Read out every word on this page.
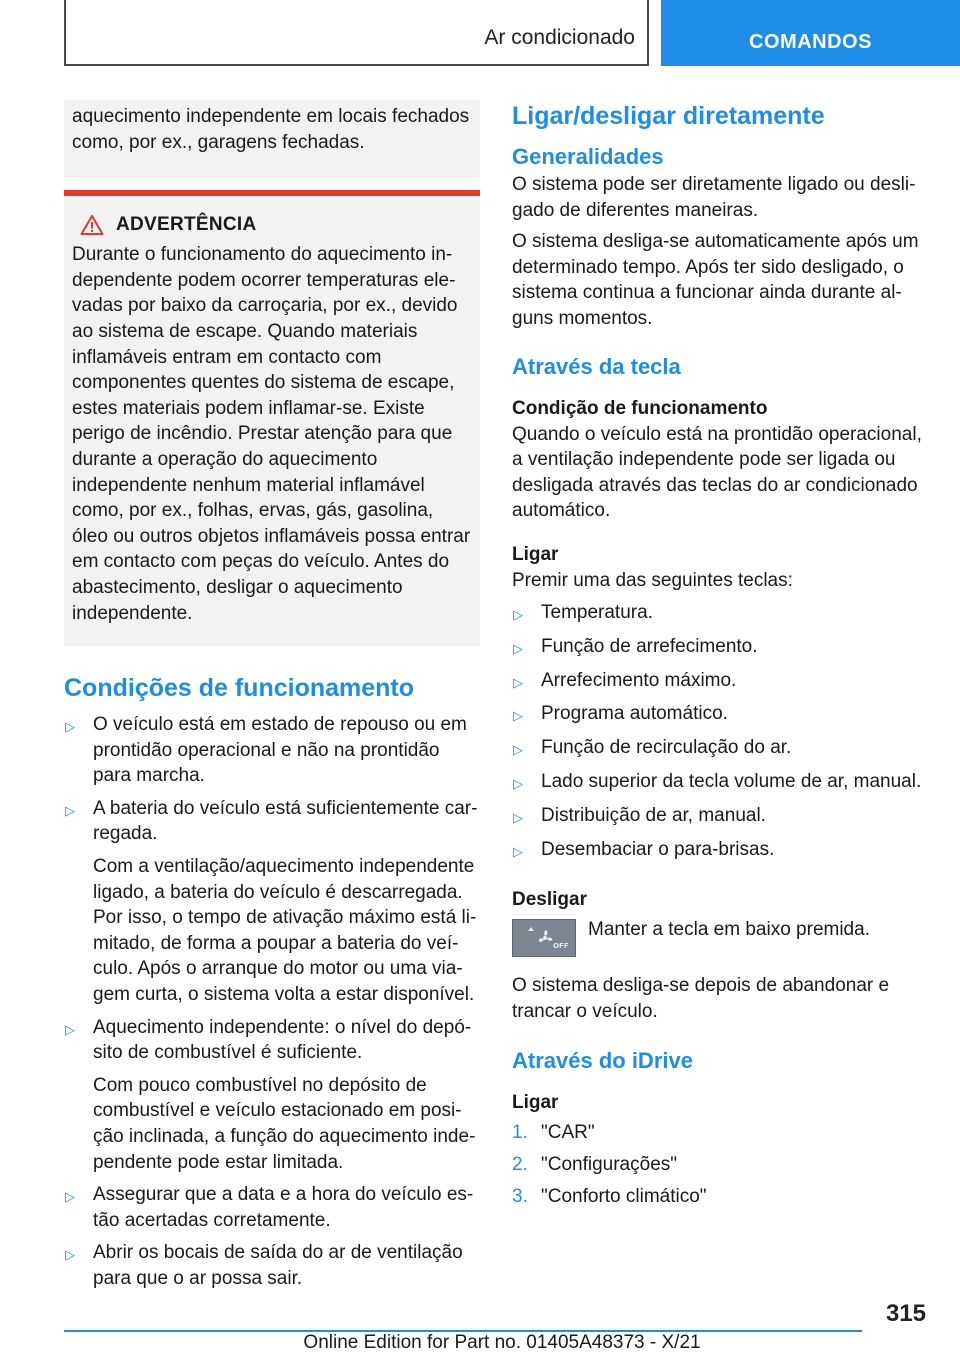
Ar condicionado	COMANDOS

aquecimento independente em locais fechados como, por ex., garagens fechadas.

ADVERTÊNCIA

Durante o funcionamento do aquecimento independente podem ocorrer temperaturas elevadas por baixo da carroçaria, por ex., devido ao sistema de escape. Quando materiais inflamáveis entram em contacto com componentes quentes do sistema de escape, estes materiais podem inflamar-se. Existe perigo de incêndio. Prestar atenção para que durante a operação do aquecimento independente nenhum material inflamável como, por ex., folhas, ervas, gás, gasolina, óleo ou outros objetos inflamáveis possa entrar em contacto com peças do veículo. Antes do abastecimento, desligar o aquecimento independente.

Condições de funcionamento
▷ O veículo está em estado de repouso ou em prontidão operacional e não na prontidão para marcha.
▷ A bateria do veículo está suficientemente carregada.

Com a ventilação/aquecimento independente ligado, a bateria do veículo é descarregada. Por isso, o tempo de ativação máximo está limitado, de forma a poupar a bateria do veículo. Após o arranque do motor ou uma viagem curta, o sistema volta a estar disponível.

▷ Aquecimento independente: o nível do depósito de combustível é suficiente.

Com pouco combustível no depósito de combustível e veículo estacionado em posição inclinada, a função do aquecimento independente pode estar limitada.

▷ Assegurar que a data e a hora do veículo estão acertadas corretamente.
▷ Abrir os bocais de saída do ar de ventilação para que o ar possa sair.
Ligar/desligar diretamente
Generalidades

O sistema pode ser diretamente ligado ou desligado de diferentes maneiras.

O sistema desliga-se automaticamente após um determinado tempo. Após ter sido desligado, o sistema continua a funcionar ainda durante alguns momentos.

Através da tecla
Condição de funcionamento

Quando o veículo está na prontidão operacional, a ventilação independente pode ser ligada ou desligada através das teclas do ar condicionado automático.

Ligar

Premir uma das seguintes teclas:

▷ Temperatura.
▷ Função de arrefecimento.
▷ Arrefecimento máximo.
▷ Programa automático.
▷ Função de recirculação do ar.
▷ Lado superior da tecla volume de ar, manual.
▷ Distribuição de ar, manual.
▷ Desembaciar o para-brisas.
Desligar
OFF

Manter a tecla em baixo premida.

O sistema desliga-se depois de abandonar e trancar o veículo.

Através do iDrive
Ligar
1. "CAR"
2. "Configurações"
3. "Conforto climático"
315
Online Edition for Part no. 01405A48373 - X/21
